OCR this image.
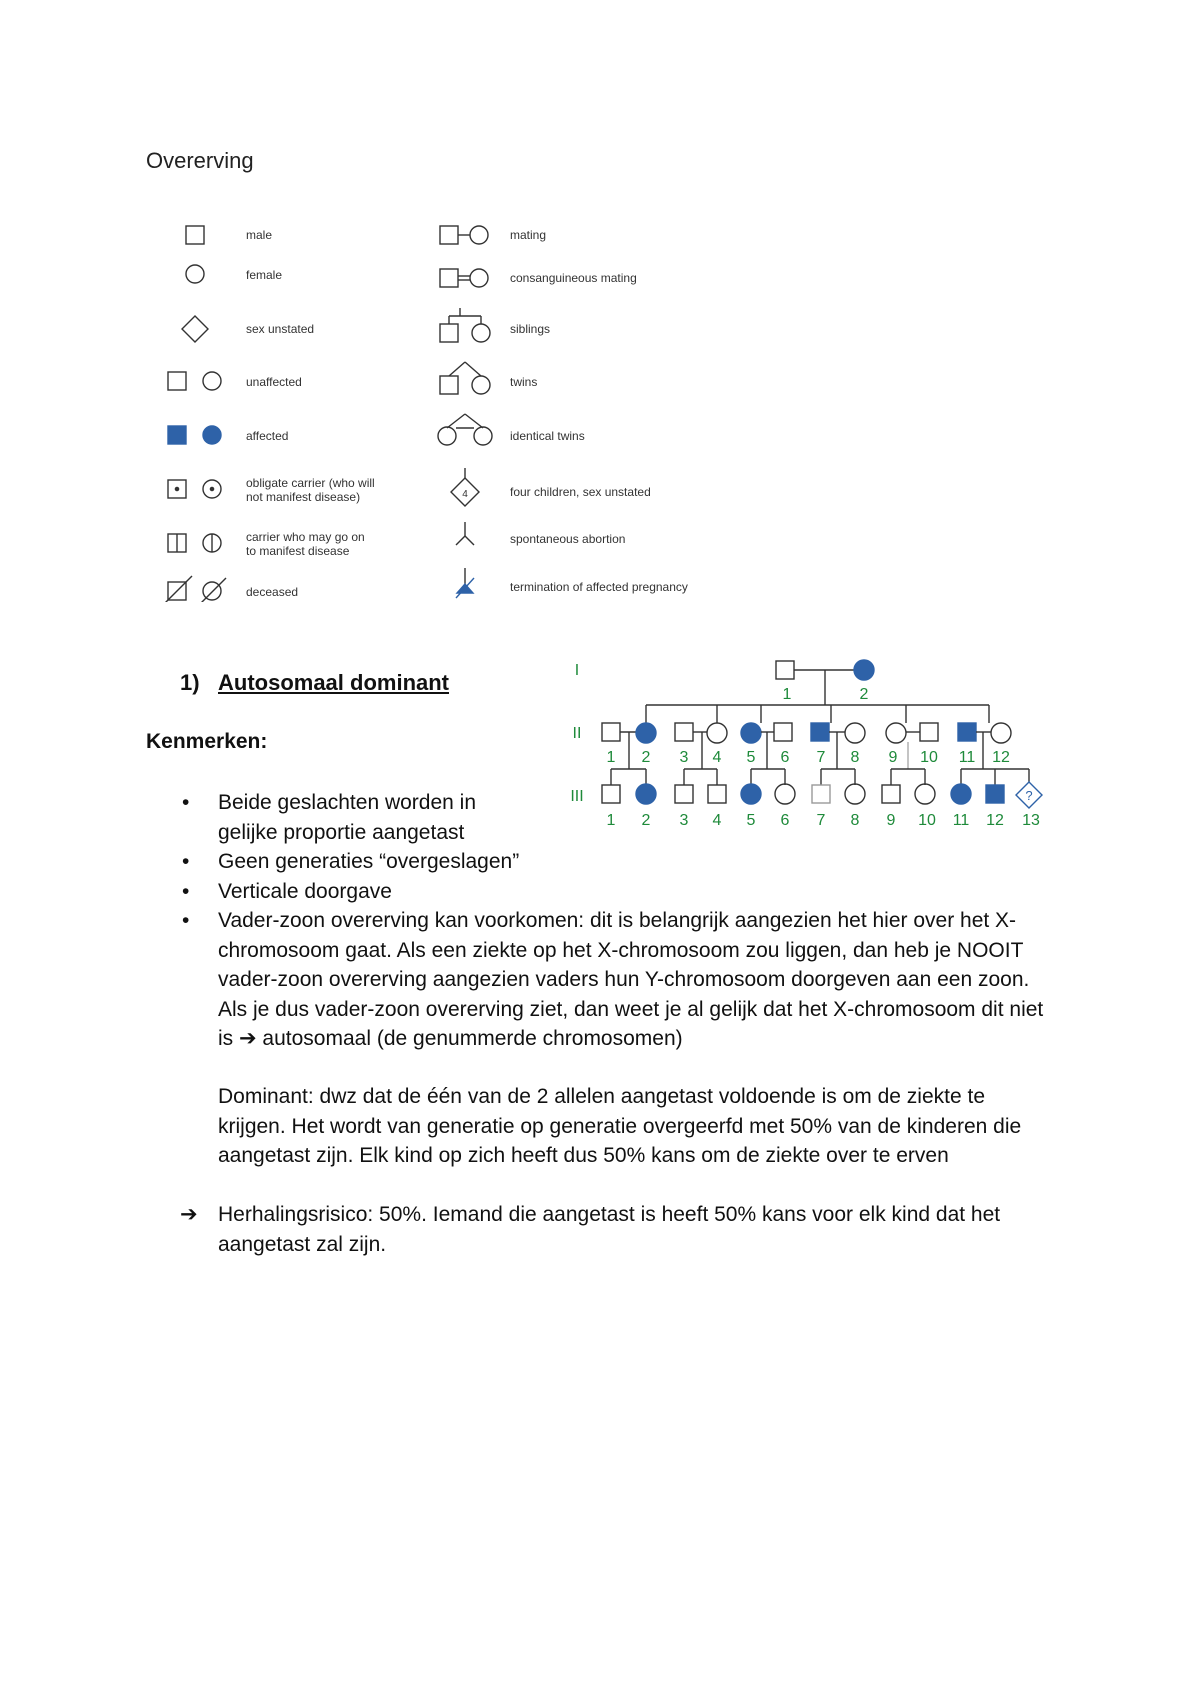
Overerving
4
male
female
sex unstated
unaffected
affected
obligate carrier (who will
not manifest disease)
carrier who may go on
to manifest disease
deceased
mating
consanguineous mating
siblings
twins
identical twins
four children, sex unstated
spontaneous abortion
termination of affected pregnancy
?
I
II
III
1	2
1 2 3 4 5 6 7 8 9 10 11 12
1 2 3 4 5 6 7 8 9 10 11 12 13
1) Autosomaal dominant
Kenmerken:
• Beide geslachten worden in gelijke proportie aangetast
• Geen generaties “overgeslagen”
• Verticale doorgave
• Vader-zoon overerving kan voorkomen: dit is belangrijk aangezien het hier over het X-chromosoom gaat. Als een ziekte op het X-chromosoom zou liggen, dan heb je NOOIT vader-zoon overerving aangezien vaders hun Y-chromosoom doorgeven aan een zoon. Als je dus vader-zoon overerving ziet, dan weet je al gelijk dat het X-chromosoom dit niet is ➔ autosomaal (de genummerde chromosomen)
Dominant: dwz dat de één van de 2 allelen aangetast voldoende is om de ziekte te krijgen. Het wordt van generatie op generatie overgeerfd met 50% van de kinderen die aangetast zijn. Elk kind op zich heeft dus 50% kans om de ziekte over te erven
➔ Herhalingsrisico: 50%. Iemand die aangetast is heeft 50% kans voor elk kind dat het aangetast zal zijn.
